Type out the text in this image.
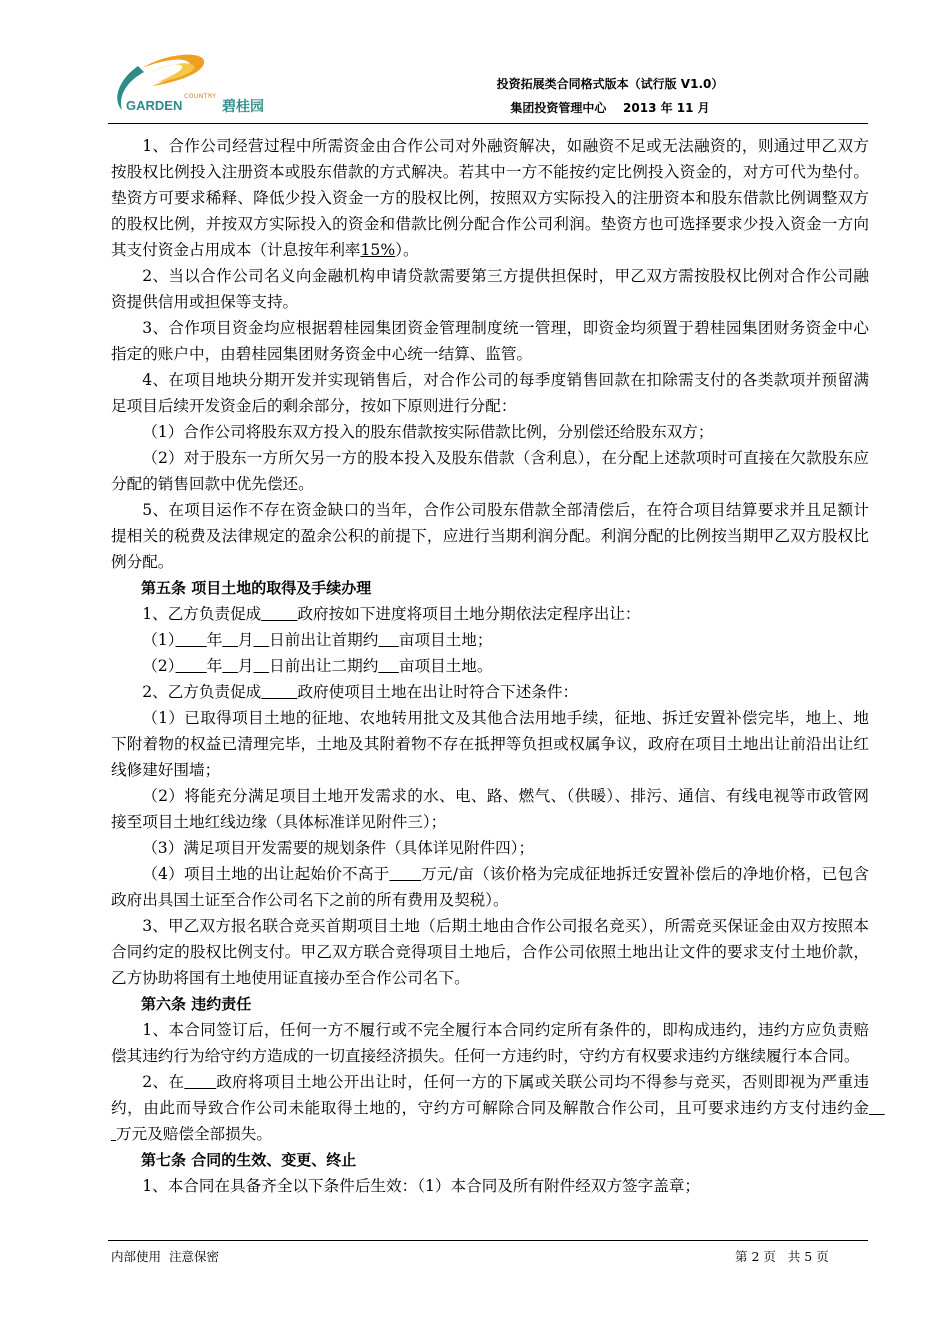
COUNTRY
GARDEN	碧桂园
投资拓展类合同格式版本（试行版 V1.0）
集团投资管理中心    2013 年 11 月

1、合作公司经营过程中所需资金由合作公司对外融资解决，如融资不足或无法融资的，则通过甲乙双方按股权比例投入注册资本或股东借款的方式解决。若其中一方不能按约定比例投入资金的，对方可代为垫付。垫资方可要求稀释、降低少投入资金一方的股权比例，按照双方实际投入的注册资本和股东借款比例调整双方的股权比例，并按双方实际投入的资金和借款比例分配合作公司利润。垫资方也可选择要求少投入资金一方向其支付资金占用成本（计息按年利率15%）。

2、当以合作公司名义向金融机构申请贷款需要第三方提供担保时，甲乙双方需按股权比例对合作公司融资提供信用或担保等支持。

3、合作项目资金均应根据碧桂园集团资金管理制度统一管理，即资金均须置于碧桂园集团财务资金中心指定的账户中，由碧桂园集团财务资金中心统一结算、监管。

4、在项目地块分期开发并实现销售后，对合作公司的每季度销售回款在扣除需支付的各类款项并预留满足项目后续开发资金后的剩余部分，按如下原则进行分配：

（1）合作公司将股东双方投入的股东借款按实际借款比例，分别偿还给股东双方；

（2）对于股东一方所欠另一方的股本投入及股东借款（含利息），在分配上述款项时可直接在欠款股东应分配的销售回款中优先偿还。

5、在项目运作不存在资金缺口的当年，合作公司股东借款全部清偿后，在符合项目结算要求并且足额计提相关的税费及法律规定的盈余公积的前提下，应进行当期利润分配。利润分配的比例按当期甲乙双方股权比例分配。

第五条 项目土地的取得及手续办理

1、乙方负责促成　　 政府按如下进度将项目土地分期依法定程序出让：

（1）　　 年　 月　 日前出让首期约　 亩项目土地；

（2）　　 年　 月　 日前出让二期约　 亩项目土地。

2、乙方负责促成　　 政府使项目土地在出让时符合下述条件：

（1）已取得项目土地的征地、农地转用批文及其他合法用地手续，征地、拆迁安置补偿完毕，地上、地下附着物的权益已清理完毕，土地及其附着物不存在抵押等负担或权属争议，政府在项目土地出让前沿出让红线修建好围墙；

（2）将能充分满足项目土地开发需求的水、电、路、燃气、（供暖）、排污、通信、有线电视等市政管网接至项目土地红线边缘（具体标准详见附件三）；

（3）满足项目开发需要的规划条件（具体详见附件四）；

（4）项目土地的出让起始价不高于　　 万元/亩（该价格为完成征地拆迁安置补偿后的净地价格，已包含政府出具国土证至合作公司名下之前的所有费用及契税）。

3、甲乙双方报名联合竞买首期项目土地（后期土地由合作公司报名竞买），所需竞买保证金由双方按照本合同约定的股权比例支付。甲乙双方联合竞得项目土地后，合作公司依照土地出让文件的要求支付土地价款，乙方协助将国有土地使用证直接办至合作公司名下。

第六条 违约责任

1、本合同签订后，任何一方不履行或不完全履行本合同约定所有条件的，即构成违约，违约方应负责赔偿其违约行为给守约方造成的一切直接经济损失。任何一方违约时，守约方有权要求违约方继续履行本合同。

2、在　　 政府将项目土地公开出让时，任何一方的下属或关联公司均不得参与竞买，否则即视为严重违约，由此而导致合作公司未能取得土地的，守约方可解除合同及解散合作公司，且可要求违约方支付违约金　 万元及赔偿全部损失。

第七条 合同的生效、变更、终止

1、本合同在具备齐全以下条件后生效：（1）本合同及所有附件经双方签字盖章；

内部使用  注意保密	第 2 页   共 5 页
